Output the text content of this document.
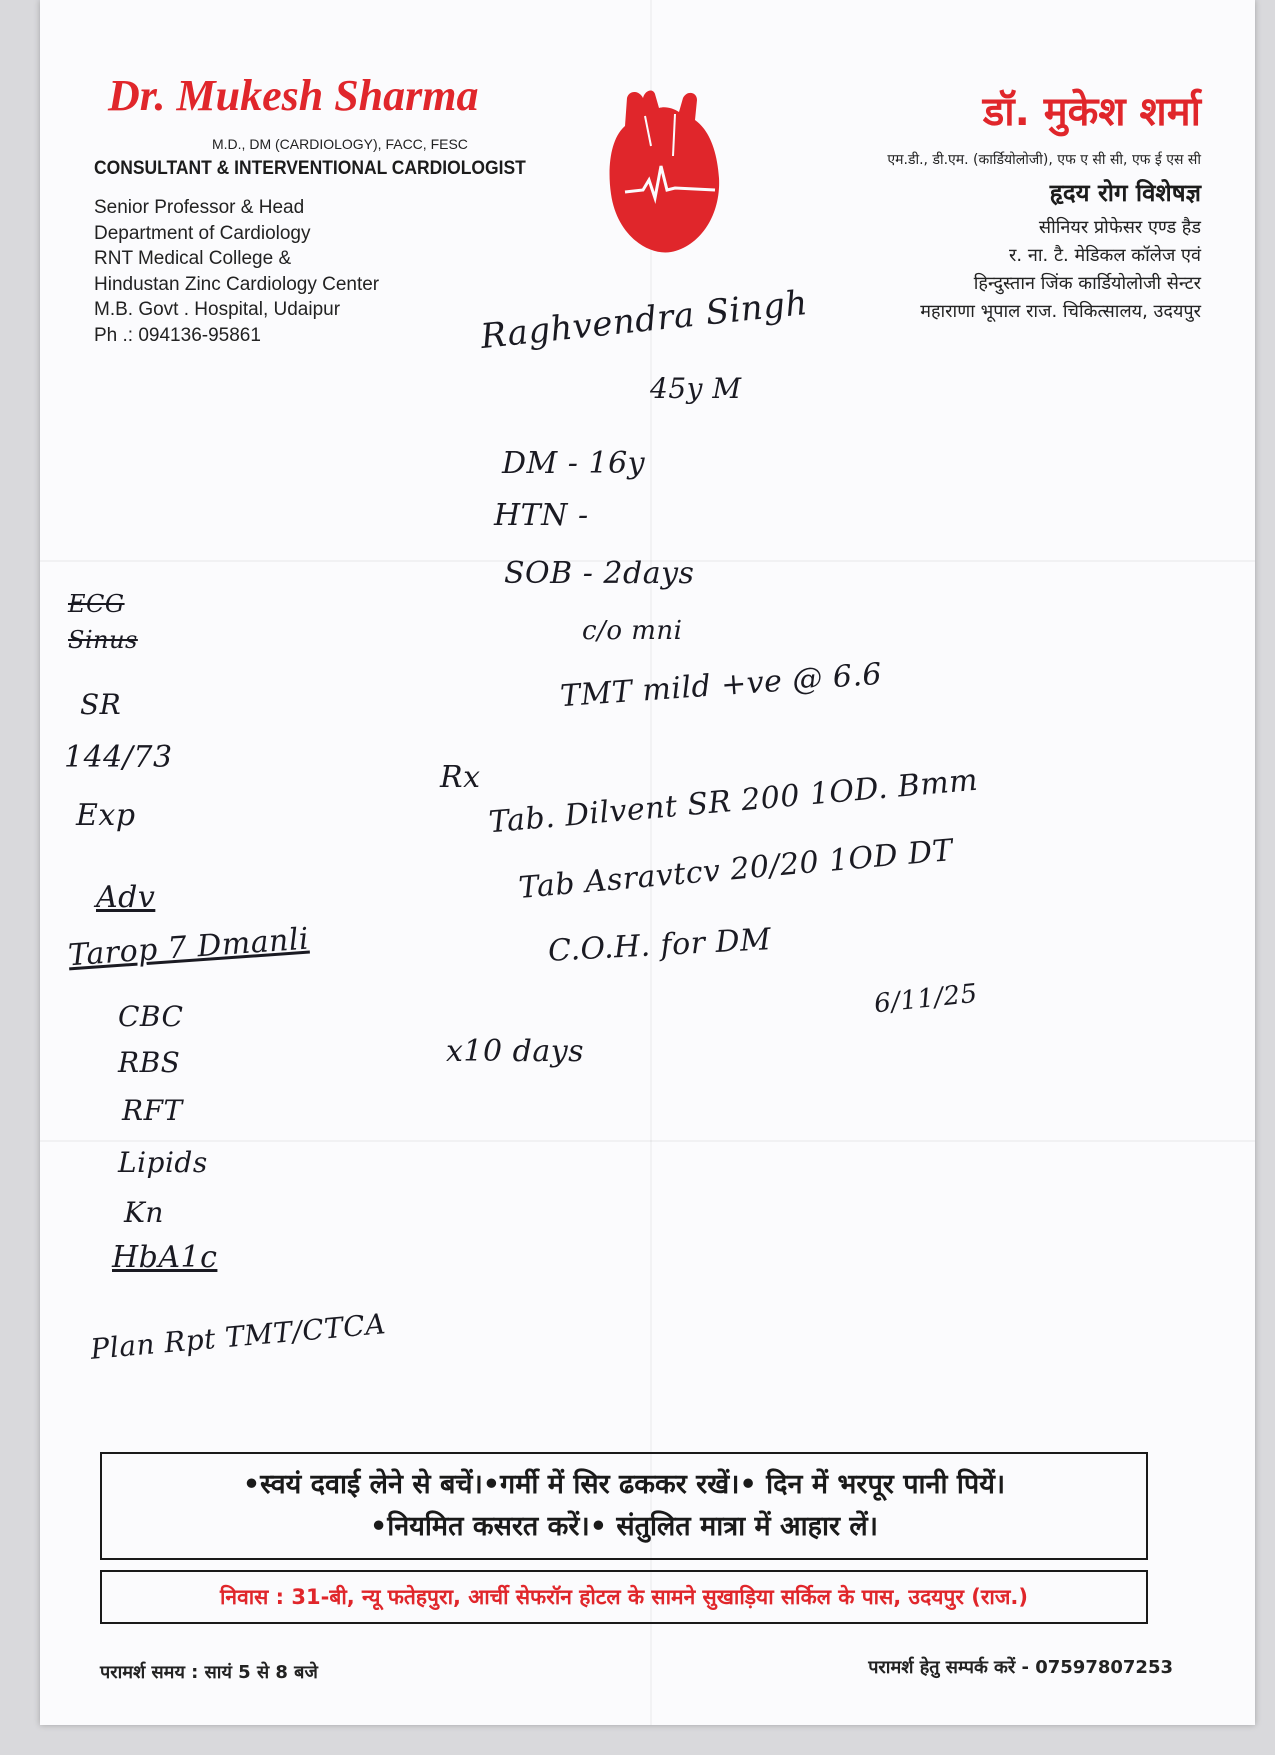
Dr. Mukesh Sharma
M.D., DM (CARDIOLOGY), FACC, FESC
CONSULTANT & INTERVENTIONAL CARDIOLOGIST
Senior Professor & Head
Department of Cardiology
RNT Medical College &
Hindustan Zinc Cardiology Center
M.B. Govt . Hospital, Udaipur
Ph .: 094136-95861
डॉ. मुकेश शर्मा
एम.डी., डी.एम. (कार्डियोलोजी), एफ ए सी सी, एफ ई एस सी
हृदय रोग विशेषज्ञ
सीनियर प्रोफेसर एण्ड हैड
र. ना. टै. मेडिकल कॉलेज एवं
हिन्दुस्तान जिंक कार्डियोलोजी सेन्टर
महाराणा भूपाल राज. चिकित्सालय, उदयपुर
Raghvendra Singh
45y M
DM - 16y
HTN -
SOB - 2days
c/o mni
TMT mild +ve @ 6.6
ECG
Sinus
SR
144/73
Exp
Adv
Tarop 7 Dmanli
CBC
RBS
RFT
Lipids
Kn
HbA1c
Plan Rpt TMT/CTCA
Rx Tab. Dilvent SR 200 1OD. Bmm
Tab Asravtcv 20/20 1OD DT
C.O.H. for DM
x10 days
6/11/25
•स्वयं दवाई लेने से बचें।•गर्मी में सिर ढककर रखें।• दिन में भरपूर पानी पियें।
•नियमित कसरत करें।• संतुलित मात्रा में आहार लें।
निवास : 31-बी, न्यू फतेहपुरा, आर्ची सेफरॉन होटल के सामने सुखाड़िया सर्किल के पास, उदयपुर (राज.)
परामर्श समय : सायं 5 से 8 बजे	परामर्श हेतु सम्पर्क करें - 07597807253
